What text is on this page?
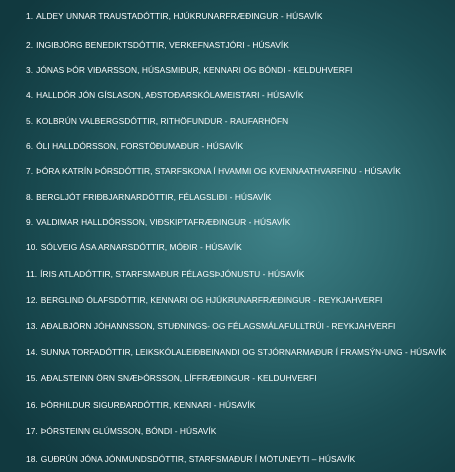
1. ALDEY UNNAR TRAUSTADÓTTIR, HJÚKRUNARFRÆÐINGUR - HÚSAVÍK
2. INGIBJÖRG BENEDIKTSDÓTTIR, VERKEFNASTJÓRI - HÚSAVÍK
3. JÓNAS ÞÓR VIÐARSSON, HÚSASMIÐUR, KENNARI OG BÓNDI - KELDUHVERFI
4. HALLDÓR JÓN GÍSLASON, AÐSTOÐARSKÓLAMEISTARI - HÚSAVÍK
5. KOLBRÚN VALBERGSDÓTTIR, RITHÖFUNDUR - RAUFARHÖFN
6. ÓLI HALLDÓRSSON, FORSTÖÐUMAÐUR - HÚSAVÍK
7. ÞÓRA KATRÍN ÞÓRSDÓTTIR, STARFSKONA Í HVAMMI OG KVENNAATHVARFINU - HÚSAVÍK
8. BERGLJÓT FRIÐBJARNARDÓTTIR, FÉLAGSLIÐI - HÚSAVÍK
9. VALDIMAR HALLDÓRSSON, VIÐSKIPTAFRÆÐINGUR - HÚSAVÍK
10. SÓLVEIG ÁSA ARNARSDÓTTIR, MÓÐIR - HÚSAVÍK
11. ÍRIS ATLADÓTTIR, STARFSMAÐUR FÉLAGSÞJÓNUSTU - HÚSAVÍK
12. BERGLIND ÓLAFSDÓTTIR, KENNARI OG HJÚKRUNARFRÆÐINGUR - REYKJAHVERFI
13. AÐALBJÖRN JÓHANNSSON, STUÐNINGS- OG FÉLAGSMÁLAFULLTRÚI - REYKJAHVERFI
14. SUNNA TORFADÓTTIR, LEIKSKÓLALEIÐBEINANDI OG STJÓRNARMAÐUR Í FRAMSÝN-UNG - HÚSAVÍK
15. AÐALSTEINN ÖRN SNÆÞÓRSSON, LÍFFRÆÐINGUR - KELDUHVERFI
16. ÞÓRHILDUR SIGURÐARDÓTTIR, KENNARI - HÚSAVÍK
17. ÞÓRSTEINN GLÚMSSON, BÓNDI - HÚSAVÍK
18. GUÐRÚN JÓNA JÓNMUNDSDÓTTIR, STARFSMAÐUR Í MÖTUNEYTI – HÚSAVÍK
